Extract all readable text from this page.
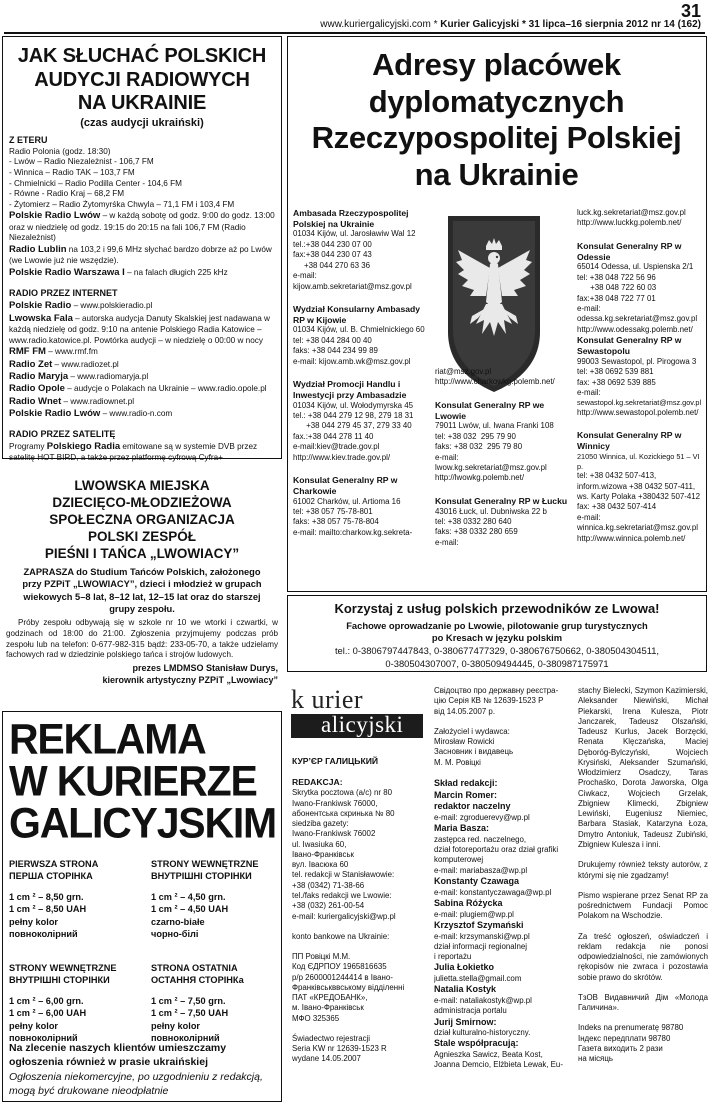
31
www.kuriergalicyjski.com * Kurier Galicyjski * 31 lipca–16 sierpnia 2012 nr 14 (162)
JAK SŁUCHAĆ POLSKICH
AUDYCJI RADIOWYCH
NA UKRAINIE
(czas audycji ukraiński)
Z ETERU
Radio Polonia (godz. 18:30)
- Lwów – Radio Niezależnist - 106,7 FM
- Winnica – Radio TAK – 103,7 FM
- Chmielnicki – Radio Podilla Center - 104,6 FM
- Równe - Radio Kraj – 68,2 FM
- Żytomierz – Radio Żytomyrśka Chwyla – 71,1 FM i 103,4 FM

Polskie Radio Lwów – w każdą sobotę od godz. 9:00 do godz. 13:00 oraz w niedzielę od godz. 19:15 do 20:15 na fali 106,7 FM (Radio Niezależnist)

Radio Lublin na 103,2 i 99,6 MHz słychać bardzo dobrze aż po Lwów (we Lwowie już nie wszędzie).

Polskie Radio Warszawa I – na falach długich 225 kHz

RADIO PRZEZ INTERNET

Polskie Radio – www.polskieradio.pl

Lwowska Fala – autorska audycja Danuty Skalskiej jest nadawana w każdą niedzielę od godz. 9:10 na antenie Polskiego Radia Katowice – www.radio.katowice.pl. Powtórka audycji – w niedzielę o 00:00 w nocy

RMF FM – www.rmf.fm

Radio Zet – www.radiozet.pl

Radio Maryja – www.radiomaryja.pl

Radio Opole – audycje o Polakach na Ukrainie – www.radio.opole.pl

Radio Wnet – www.radiownet.pl

Polskie Radio Lwów – www.radio-n.com

RADIO PRZEZ SATELITĘ

Programy Polskiego Radia emitowane są w systemie DVB przez satelitę HOT BIRD, a także przez platformę cyfrową Cyfra+

LWOWSKA MIEJSKA
DZIECIĘCO-MŁODZIEŻOWA
SPOŁECZNA ORGANIZACJA
POLSKI ZESPÓŁ
PIEŚNI I TAŃCA „LWOWIACY”

ZAPRASZA do Studium Tańców Polskich, założonego przy PZPiT „LWOWIACY”, dzieci i młodzież w grupach wiekowych 5–8 lat, 8–12 lat, 12–15 lat oraz do starszej grupy zespołu.

Próby zespołu odbywają się w szkole nr 10 we wtorki i czwartki, w godzinach od 18:00 do 21:00. Zgłoszenia przyjmujemy podczas prób zespołu lub na telefon: 0-677-982-315 bądź: 233-05-70, a także udzielamy fachowych rad w dziedzinie polskiego tańca i strojów ludowych.

prezes LMDMSO Stanisław Durys,
kierownik artystyczny PZPiT „Lwowiacy”
REKLAMA
W KURIERZE
GALICYJSKIM
PIERWSZA STRONA
ПЕРША СТОРІНКА
1 cm ² – 8,50 grn.
1 cm ² – 8,50 UAH
pełny kolor
повноколірний
STRONY WEWNĘTRZNE
ВНУТРІШНІ СТОРІНКИ
1 cm ² – 4,50 grn.
1 cm ² – 4,50 UAH
czarno-białe
чорно-білі
STRONY WEWNĘTRZNE
ВНУТРІШНІ СТОРІНКИ
1 cm ² – 6,00 grn.
1 cm ² – 6,00 UAH
pełny kolor
повноколірний
STRONA OSTATNIA
ОСТАННЯ СТОРІНКа
1 cm ² – 7,50 grn.
1 cm ² – 7,50 UAH
pełny kolor
повноколірний

Na zlecenie naszych klientów umieszczamy ogłoszenia również w prasie ukraińskiej

Ogłoszenia niekomercyjne, po uzgodnieniu z redakcją, mogą być drukowane nieodpłatnie

Adresy placówek
dyplomatycznych
Rzeczypospolitej Polskiej
na Ukrainie
Ambasada Rzeczypospolitej Polskiej na Ukrainie
01034 Kijów, ul. Jarosławiw Wal 12
tel.:+38 044 230 07 00
fax:+38 044 230 07 43
+38 044 270 63 36
e-mail:
kijow.amb.sekretariat@msz.gov.pl
Wydział Konsularny Ambasady RP w Kijowie
01034 Kijów, ul. B. Chmielnickiego 60
tel: +38 044 284 00 40
faks: +38 044 234 99 89
e-mail: kijow.amb.wk@msz.gov.pl
Wydział Promocji Handlu i Inwestycji przy Ambasadzie
01034 Kijów, ul. Wołodymyrska 45
tel.: +38 044 279 12 98, 279 18 31
+38 044 279 45 37, 279 33 40
fax.:+38 044 278 11 40
e-mail:kiev@trade.gov.pl
http://www.kiev.trade.gov.pl/
Konsulat Generalny RP w Charkowie
61002 Charków, ul. Artioma 16
tel: +38 057 75-78-801
faks: +38 057 75-78-804
e-mail: mailto:charkow.kg.sekreta-
riat@msz.gov.pl
http://www.charkowkg.polemb.net/
Konsulat Generalny RP we Lwowie
79011 Lwów, ul. Iwana Franki 108
tel: +38 032  295 79 90
faks: +38 032  295 79 80
e-mail:
lwow.kg.sekretariat@msz.gov.pl
http://lwowkg.polemb.net/
Konsulat Generalny RP w Łucku
43016 Łuck, ul. Dubniwska 22 b
tel: +38 0332 280 640
faks: +38 0332 280 659
e-mail:
luck.kg.sekretariat@msz.gov.pl
http://www.luckkg.polemb.net/
Konsulat Generalny RP w Odessie
65014 Odessa, ul. Uspienska 2/1
tel: +38 048 722 56 96
+38 048 722 60 03
fax:+38 048 722 77 01
e-mail:
odessa.kg.sekretariat@msz.gov.pl
http://www.odessakg.polemb.net/
Konsulat Generalny RP w Sewastopolu
99003 Sewastopol, pl. Pirogowa 3
tel: +38 0692 539 881
fax: +38 0692 539 885
e-mail:
sewastopol.kg.sekretariat@msz.gov.pl
http://www.sewastopol.polemb.net/
Konsulat Generalny RP w Winnicy
21050 Winnica, ul. Kozickiego 51 – VI p.
tel: +38 0432 507-413,
inform.wizowa +38 0432 507-411,
ws. Karty Polaka +380432 507-412
fax: +38 0432 507-414
e-mail:
winnica.kg.sekretariat@msz.gov.pl
http://www.winnica.polemb.net/
Korzystaj z usług polskich przewodników ze Lwowa!
Fachowe oprowadzanie po Lwowie, pilotowanie grup turystycznych
po Kresach w języku polskim
tel.: 0-3806797447843, 0-380677477329, 0-380676750662, 0-380504304511,
0-380504307007, 0-380509494445, 0-380987175971
k urier
alicyjski
КУР’ЄР ГАЛИЦЬКИЙ
REDAKCJA:
Skrytka pocztowa (a/c) nr 80
Iwano-Frankiwsk 76000,
абонентська скринька № 80
siedziba gazety:
Iwano-Frankiwsk 76002
ul. Iwasiuka 60,
Івано-Франківськ
вул. Івасюка 60
tel. redakcji w Stanisławowie:
+38 (0342) 71-38-66
tel./faks redakcji we Lwowie:
+38 (032) 261-00-54
e-mail: kuriergalicyjski@wp.pl
konto bankowe na Ukrainie:
ПП Ровіцкі М.М.
Код ЄДРПОУ 1965816635
р/р 2600001244414 в Івано-
Франківськввському відділенні
ПАТ «КРЕДОБАНК»,
м. Івано-Франківськ
МФО 325365
Świadectwo rejestracji
Seria KW nr 12639-1523 R
wydane 14.05.2007
Свідоцтво про державну реєстра-
цію Серія КВ № 12639-1523 Р
від 14.05.2007 р.
Założyciel i wydawca:
Mirosław Rowicki
Засновник і видавець
М. М. Ровіцкі
Skład redakcji:
Marcin Romer:
redaktor naczelny
e-mail: zgroduerevy@wp.pl
Maria Basza:
zastępca red. naczelnego,
dział fotoreportażu oraz dział grafiki
komputerowej
e-mail: mariabasza@wp.pl
Konstanty Czawaga
e-mail: konstantyczawaga@wp.pl
Sabina Różycka
e-mail: plugiem@wp.pl
Krzysztof Szymański
e-mail: krzsymanski@wp.pl
dział informacji regionalnej
i reportażu
Julia Łokietko
julietta.stella@gmail.com
Natalia Kostyk
e-mail: nataliakostyk@wp.pl
administracja portalu
Jurij Smirnow:
dział kulturalno-historyczny.
Stale współpracują:
Agnieszka Sawicz, Beata Kost,
Joanna Demcio, Elżbieta Lewak, Eu-

stachy Bielecki, Szymon Kazimierski, Aleksander Niewiński, Michał Piekarski, Irena Kulesza, Piotr Janczarek, Tadeusz Olszański, Tadeusz Kurlus, Jacek Borzęcki, Renata Klęczańska, Maciej Dęboróg-Bylczyński, Wojciech Krysiński, Aleksander Szumański, Włodzimierz Osadczy, Taras Prochaśko, Dorota Jaworska, Olga Ciwkacz, Wojciech Grzelak, Zbigniew Klimecki, Zbigniew Lewiński, Eugeniusz Niemiec, Barbara Stasiak, Katarzyna Łoza, Dmytro Antoniuk, Tadeusz Zubiński, Zbigniew Kulesza i inni.

Drukujemy również teksty autorów, z którymi się nie zgadzamy!

Pismo wspierane przez Senat RP za pośrednictwem Fundacji Pomoc Polakom na Wschodzie.

Za treść ogłoszeń, oświadczeń i reklam redakcja nie ponosi odpowiedzialności, nie zamówionych rękopisów nie zwraca i pozostawia sobie prawo do skrótów.

ТзОВ Видавничий Дім «Молода Галичина».

Indeks na prenumeratę 98780
Індекс передплати 98780
Газета виходить 2 рази
на місяць
